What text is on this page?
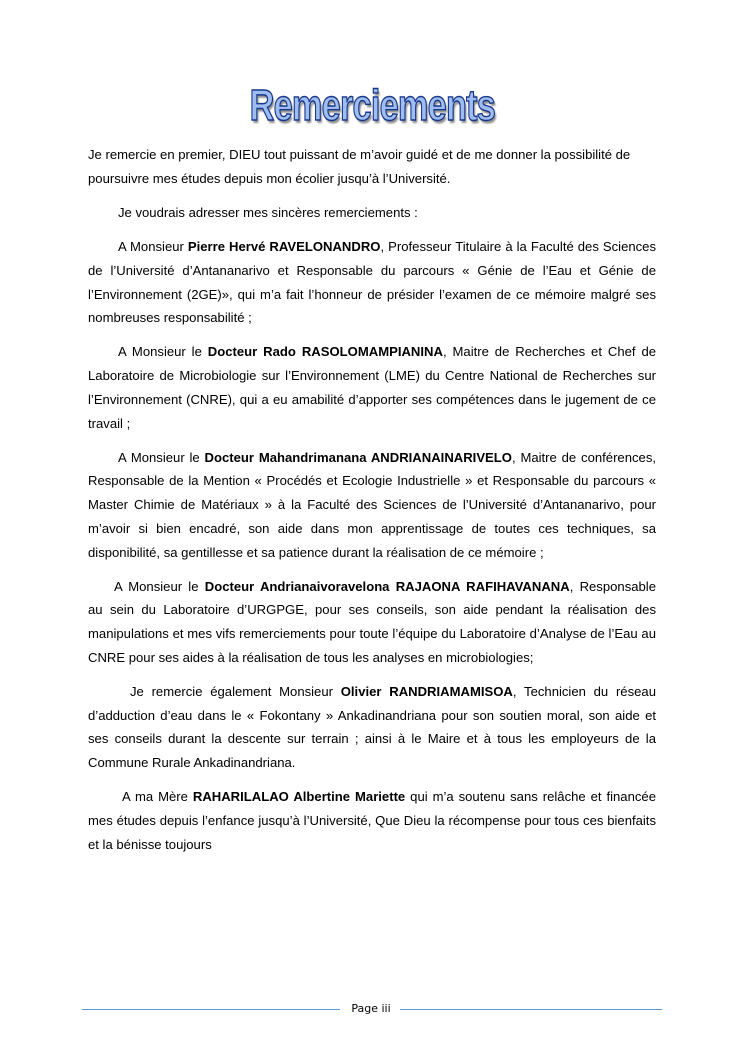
Remerciements

Je remercie en premier, DIEU tout puissant de m’avoir guidé et de me donner la possibilité de poursuivre mes études depuis mon écolier jusqu’à l’Université.

Je voudrais adresser mes sincères remerciements :

A Monsieur Pierre Hervé RAVELONANDRO, Professeur Titulaire à la Faculté des Sciences de l’Université d’Antananarivo et Responsable du parcours « Génie de l’Eau et Génie de l’Environnement (2GE)», qui m’a fait l’honneur de présider l’examen de ce mémoire malgré ses nombreuses responsabilité ;

A Monsieur le Docteur Rado RASOLOMAMPIANINA, Maitre de Recherches et Chef de Laboratoire de Microbiologie sur l’Environnement (LME) du Centre National de Recherches sur l’Environnement (CNRE), qui a eu amabilité d’apporter ses compétences dans le jugement de ce travail ;

A Monsieur le Docteur Mahandrimanana ANDRIANAINARIVELO, Maitre de conférences, Responsable de la Mention « Procédés et Ecologie Industrielle » et Responsable du parcours « Master Chimie de Matériaux » à la Faculté des Sciences de l’Université d’Antananarivo, pour m’avoir si bien encadré, son aide dans mon apprentissage de toutes ces techniques, sa disponibilité, sa gentillesse et sa patience durant la réalisation de ce mémoire ;

A Monsieur le Docteur Andrianaivoravelona RAJAONA RAFIHAVANANA, Responsable au sein du Laboratoire d’URGPGE, pour ses conseils, son aide pendant la réalisation des manipulations et mes vifs remerciements pour toute l’équipe du Laboratoire d’Analyse de l’Eau au CNRE pour ses aides à la réalisation de tous les analyses en microbiologies;

Je remercie également Monsieur Olivier RANDRIAMAMISOA, Technicien du réseau d’adduction d’eau dans le « Fokontany » Ankadinandriana pour son soutien moral, son aide et ses conseils durant la descente sur terrain ; ainsi à le Maire et à tous les employeurs de la Commune Rurale Ankadinandriana.

A ma Mère RAHARILALAO Albertine Mariette qui m’a soutenu sans relâche et financée mes études depuis l’enfance jusqu’à l’Université, Que Dieu la récompense pour tous ces bienfaits et la bénisse toujours

Page iii
